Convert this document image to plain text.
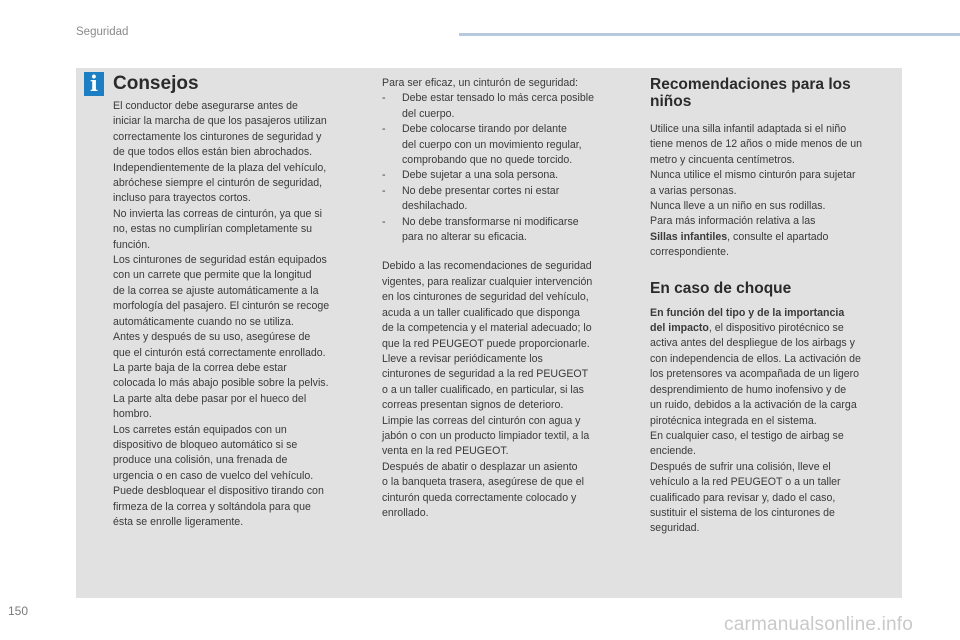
Seguridad
i Consejos

El conductor debe asegurarse antes de

iniciar la marcha de que los pasajeros utilizan

correctamente los cinturones de seguridad y

de que todos ellos están bien abrochados.

Independientemente de la plaza del vehículo,

abróchese siempre el cinturón de seguridad,

incluso para trayectos cortos.

No invierta las correas de cinturón, ya que si

no, estas no cumplirían completamente su

función.

Los cinturones de seguridad están equipados

con un carrete que permite que la longitud

de la correa se ajuste automáticamente a la

morfología del pasajero. El cinturón se recoge

automáticamente cuando no se utiliza.

Antes y después de su uso, asegúrese de

que el cinturón está correctamente enrollado.

La parte baja de la correa debe estar

colocada lo más abajo posible sobre la pelvis.

La parte alta debe pasar por el hueco del

hombro.

Los carretes están equipados con un

dispositivo de bloqueo automático si se

produce una colisión, una frenada de

urgencia o en caso de vuelco del vehículo.

Puede desbloquear el dispositivo tirando con

firmeza de la correa y soltándola para que

ésta se enrolle ligeramente.

Para ser eficaz, un cinturón de seguridad:

- Debe estar tensado lo más cerca posible

del cuerpo.

- Debe colocarse tirando por delante

del cuerpo con un movimiento regular,

comprobando que no quede torcido.

- Debe sujetar a una sola persona.

- No debe presentar cortes ni estar

deshilachado.

- No debe transformarse ni modificarse

para no alterar su eficacia.

Debido a las recomendaciones de seguridad

vigentes, para realizar cualquier intervención

en los cinturones de seguridad del vehículo,

acuda a un taller cualificado que disponga

de la competencia y el material adecuado; lo

que la red PEUGEOT puede proporcionarle.

Lleve a revisar periódicamente los

cinturones de seguridad a la red PEUGEOT

o a un taller cualificado, en particular, si las

correas presentan signos de deterioro.

Limpie las correas del cinturón con agua y

jabón o con un producto limpiador textil, a la

venta en la red PEUGEOT.

Después de abatir o desplazar un asiento

o la banqueta trasera, asegúrese de que el

cinturón queda correctamente colocado y

enrollado.

Recomendaciones para los
niños

Utilice una silla infantil adaptada si el niño

tiene menos de 12 años o mide menos de un

metro y cincuenta centímetros.

Nunca utilice el mismo cinturón para sujetar

a varias personas.

Nunca lleve a un niño en sus rodillas.

Para más información relativa a las

Sillas infantiles, consulte el apartado

correspondiente.

En caso de choque

En función del tipo y de la importancia

del impacto, el dispositivo pirotécnico se

activa antes del despliegue de los airbags y

con independencia de ellos. La activación de

los pretensores va acompañada de un ligero

desprendimiento de humo inofensivo y de

un ruido, debidos a la activación de la carga

pirotécnica integrada en el sistema.

En cualquier caso, el testigo de airbag se

enciende.

Después de sufrir una colisión, lleve el

vehículo a la red PEUGEOT o a un taller

cualificado para revisar y, dado el caso,

sustituir el sistema de los cinturones de

seguridad.

150
carmanualsonline.info
